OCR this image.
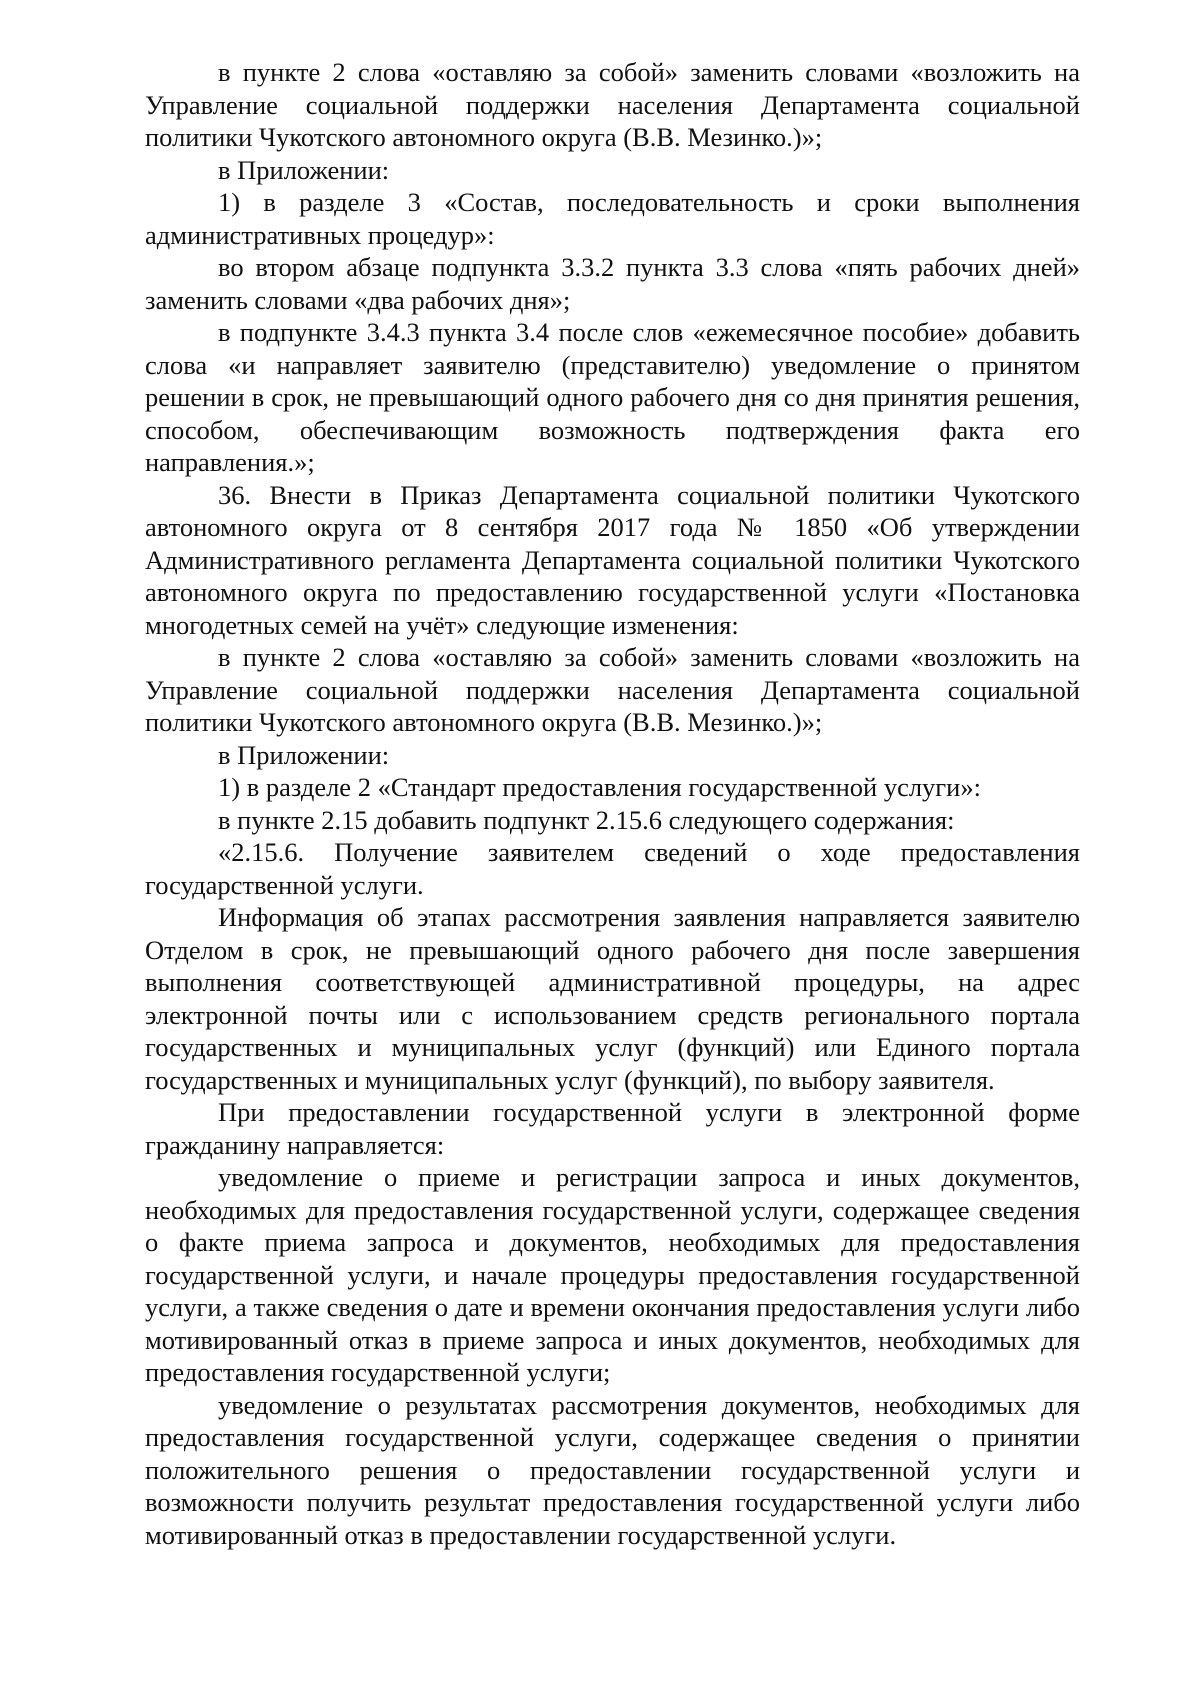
в пункте 2 слова «оставляю за собой» заменить словами «возложить на Управление социальной поддержки населения Департамента социальной политики Чукотского автономного округа (В.В. Мезинко.)»;

в Приложении:

1) в разделе 3 «Состав, последовательность и сроки выполнения административных процедур»:

во втором абзаце подпункта 3.3.2 пункта 3.3 слова «пять рабочих дней» заменить словами «два рабочих дня»;

в подпункте 3.4.3 пункта 3.4 после слов «ежемесячное пособие» добавить слова «и направляет заявителю (представителю) уведомление о принятом решении в срок, не превышающий одного рабочего дня со дня принятия решения, способом, обеспечивающим возможность подтверждения факта его направления.»;

36. Внести в Приказ Департамента социальной политики Чукотского автономного округа от 8 сентября 2017 года № 1850 «Об утверждении Административного регламента Департамента социальной политики Чукотского автономного округа по предоставлению государственной услуги «Постановка многодетных семей на учёт» следующие изменения:

в пункте 2 слова «оставляю за собой» заменить словами «возложить на Управление социальной поддержки населения Департамента социальной политики Чукотского автономного округа (В.В. Мезинко.)»;

в Приложении:

1) в разделе 2 «Стандарт предоставления государственной услуги»:

в пункте 2.15 добавить подпункт 2.15.6 следующего содержания:

«2.15.6. Получение заявителем сведений о ходе предоставления государственной услуги.

Информация об этапах рассмотрения заявления направляется заявителю Отделом в срок, не превышающий одного рабочего дня после завершения выполнения соответствующей административной процедуры, на адрес электронной почты или с использованием средств регионального портала государственных и муниципальных услуг (функций) или Единого портала государственных и муниципальных услуг (функций), по выбору заявителя.

При предоставлении государственной услуги в электронной форме гражданину направляется:

уведомление о приеме и регистрации запроса и иных документов, необходимых для предоставления государственной услуги, содержащее сведения о факте приема запроса и документов, необходимых для предоставления государственной услуги, и начале процедуры предоставления государственной услуги, а также сведения о дате и времени окончания предоставления услуги либо мотивированный отказ в приеме запроса и иных документов, необходимых для предоставления государственной услуги;

уведомление о результатах рассмотрения документов, необходимых для предоставления государственной услуги, содержащее сведения о принятии положительного решения о предоставлении государственной услуги и возможности получить результат предоставления государственной услуги либо мотивированный отказ в предоставлении государственной услуги.
